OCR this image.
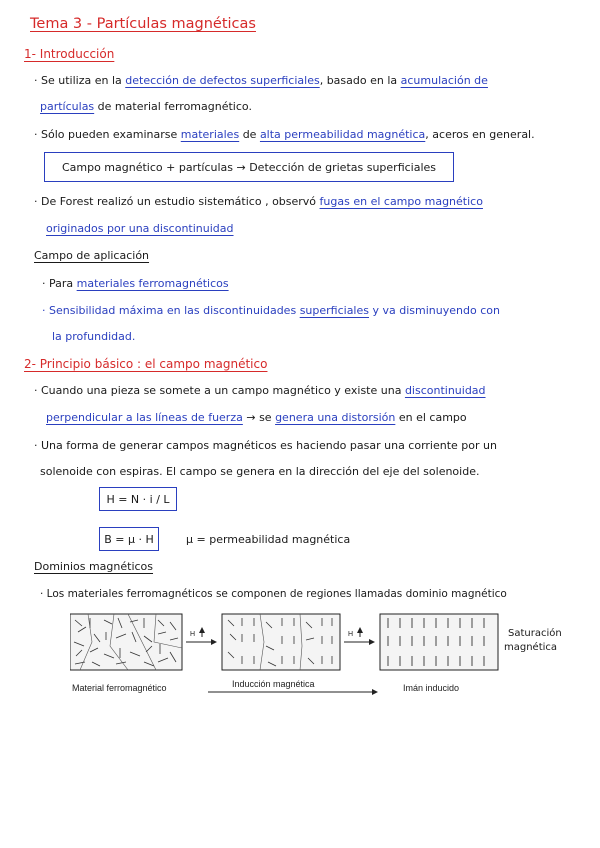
Tema 3 - Partículas magnéticas
1- Introducción
· Se utiliza en la detección de defectos superficiales, basado en la acumulación de
partículas de material ferromagnético.
· Sólo pueden examinarse materiales de alta permeabilidad magnética, aceros en general.
Campo magnético + partículas → Detección de grietas superficiales
· De Forest realizó un estudio sistemático , observó fugas en el campo magnético
originados por una discontinuidad
Campo de aplicación
· Para materiales ferromagnéticos
· Sensibilidad máxima en las discontinuidades superficiales y va disminuyendo con
la profundidad.
2- Principio básico : el campo magnético
· Cuando una pieza se somete a un campo magnético y existe una discontinuidad
perpendicular a las líneas de fuerza → se genera una distorsión en el campo
· Una forma de generar campos magnéticos es haciendo pasar una corriente por un
solenoide con espiras. El campo se genera en la dirección del eje del solenoide.
H = N · i / L
B = μ · H	μ = permeabilidad magnética
Dominios magnéticos
· Los materiales ferromagnéticos se componen de regiones llamadas dominio magnético
H	H	Saturación
magnética
Material ferromagnético	Inducción magnética	Imán inducido
